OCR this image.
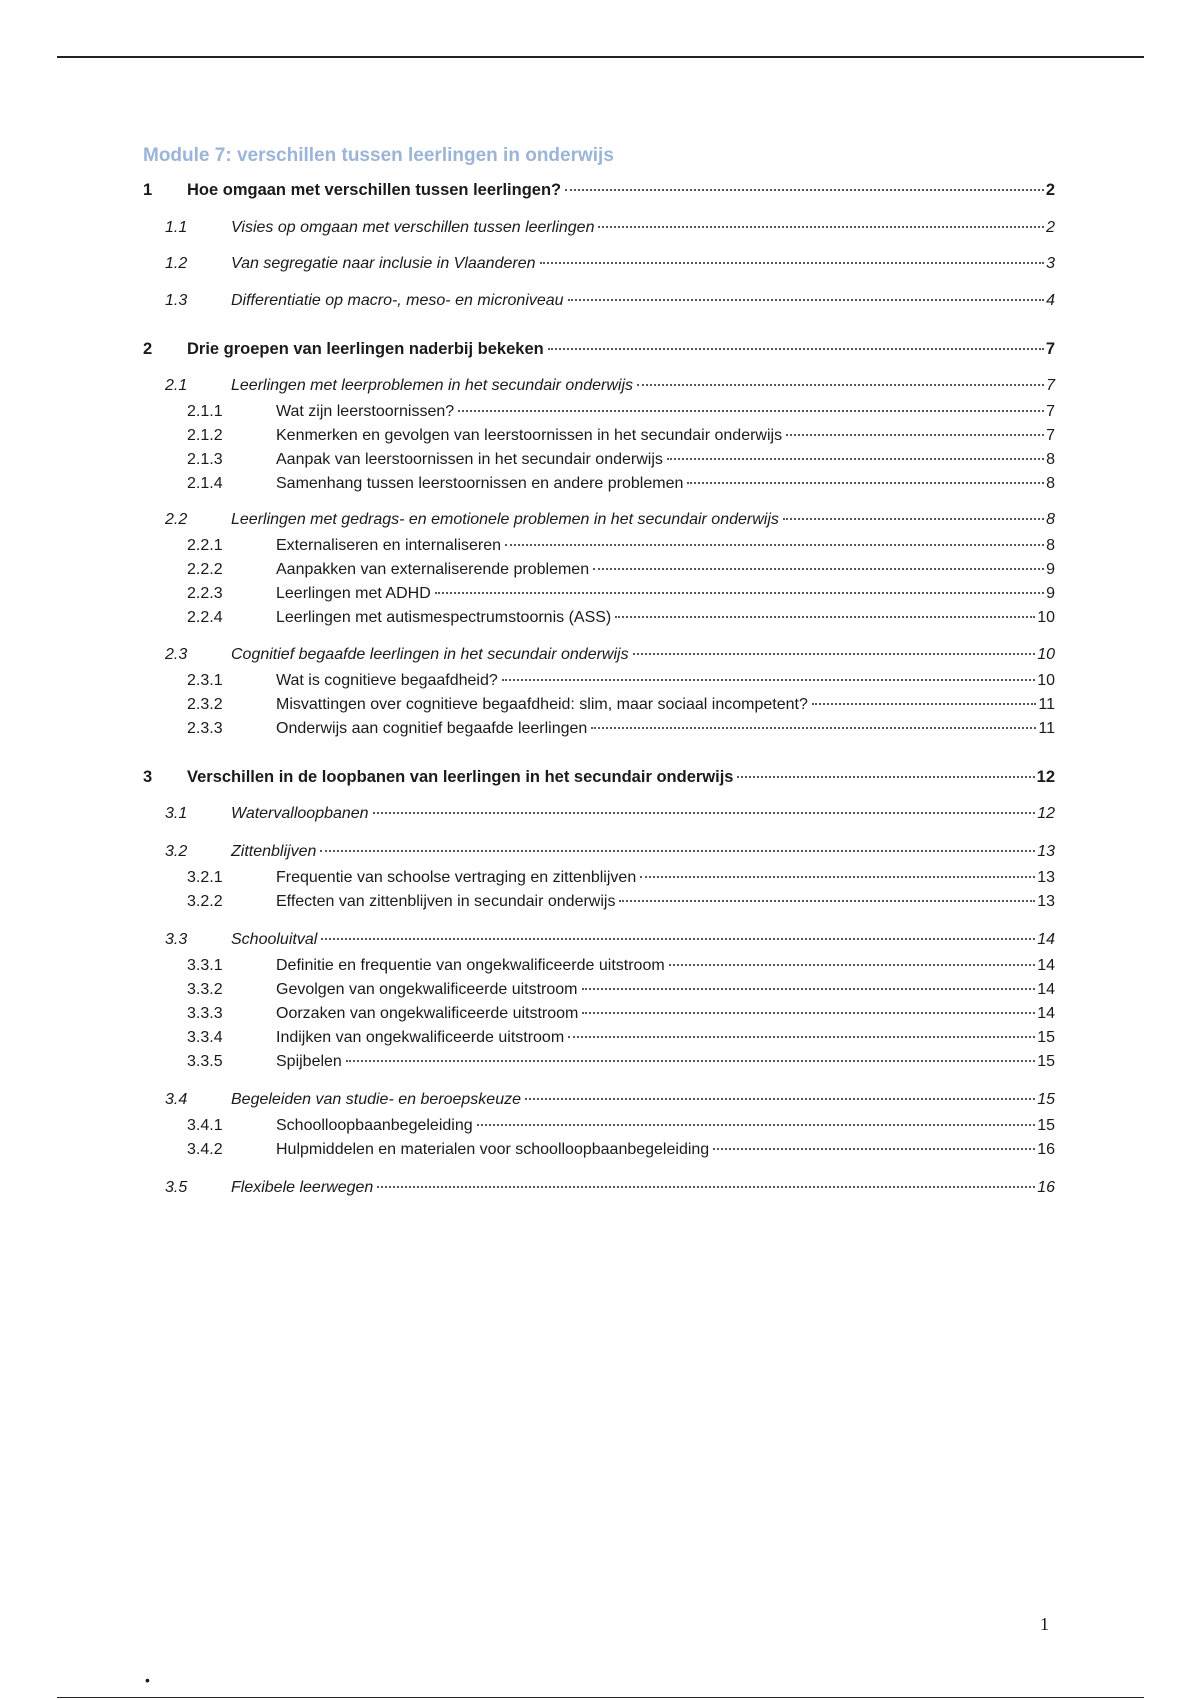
Module 7: verschillen tussen leerlingen in onderwijs
1 Hoe omgaan met verschillen tussen leerlingen?	2
1.1	Visies op omgaan met verschillen tussen leerlingen	2
1.2	Van segregatie naar inclusie in Vlaanderen	3
1.3	Differentiatie op macro-, meso- en microniveau	4
2 Drie groepen van leerlingen naderbij bekeken	7
2.1	Leerlingen met leerproblemen in het secundair onderwijs	7
2.1.1	Wat zijn leerstoornissen?	7
2.1.2	Kenmerken en gevolgen van leerstoornissen in het secundair onderwijs	7
2.1.3	Aanpak van leerstoornissen in het secundair onderwijs	8
2.1.4	Samenhang tussen leerstoornissen en andere problemen	8
2.2	Leerlingen met gedrags- en emotionele problemen in het secundair onderwijs	8
2.2.1	Externaliseren en internaliseren	8
2.2.2	Aanpakken van externaliserende problemen	9
2.2.3	Leerlingen met ADHD	9
2.2.4	Leerlingen met autismespectrumstoornis (ASS)	10
2.3	Cognitief begaafde leerlingen in het secundair onderwijs	10
2.3.1	Wat is cognitieve begaafdheid?	10
2.3.2	Misvattingen over cognitieve begaafdheid: slim, maar sociaal incompetent?	11
2.3.3	Onderwijs aan cognitief begaafde leerlingen	11
3 Verschillen in de loopbanen van leerlingen in het secundair onderwijs	12
3.1	Watervalloopbanen	12
3.2	Zittenblijven	13
3.2.1	Frequentie van schoolse vertraging en zittenblijven	13
3.2.2	Effecten van zittenblijven in secundair onderwijs	13
3.3	Schooluitval	14
3.3.1	Definitie en frequentie van ongekwalificeerde uitstroom	14
3.3.2	Gevolgen van ongekwalificeerde uitstroom	14
3.3.3	Oorzaken van ongekwalificeerde uitstroom	14
3.3.4	Indijken van ongekwalificeerde uitstroom	15
3.3.5	Spijbelen	15
3.4	Begeleiden van studie- en beroepskeuze	15
3.4.1	Schoolloopbaanbegeleiding	15
3.4.2	Hulpmiddelen en materialen voor schoolloopbaanbegeleiding	16
3.5	Flexibele leerwegen	16
1
•
